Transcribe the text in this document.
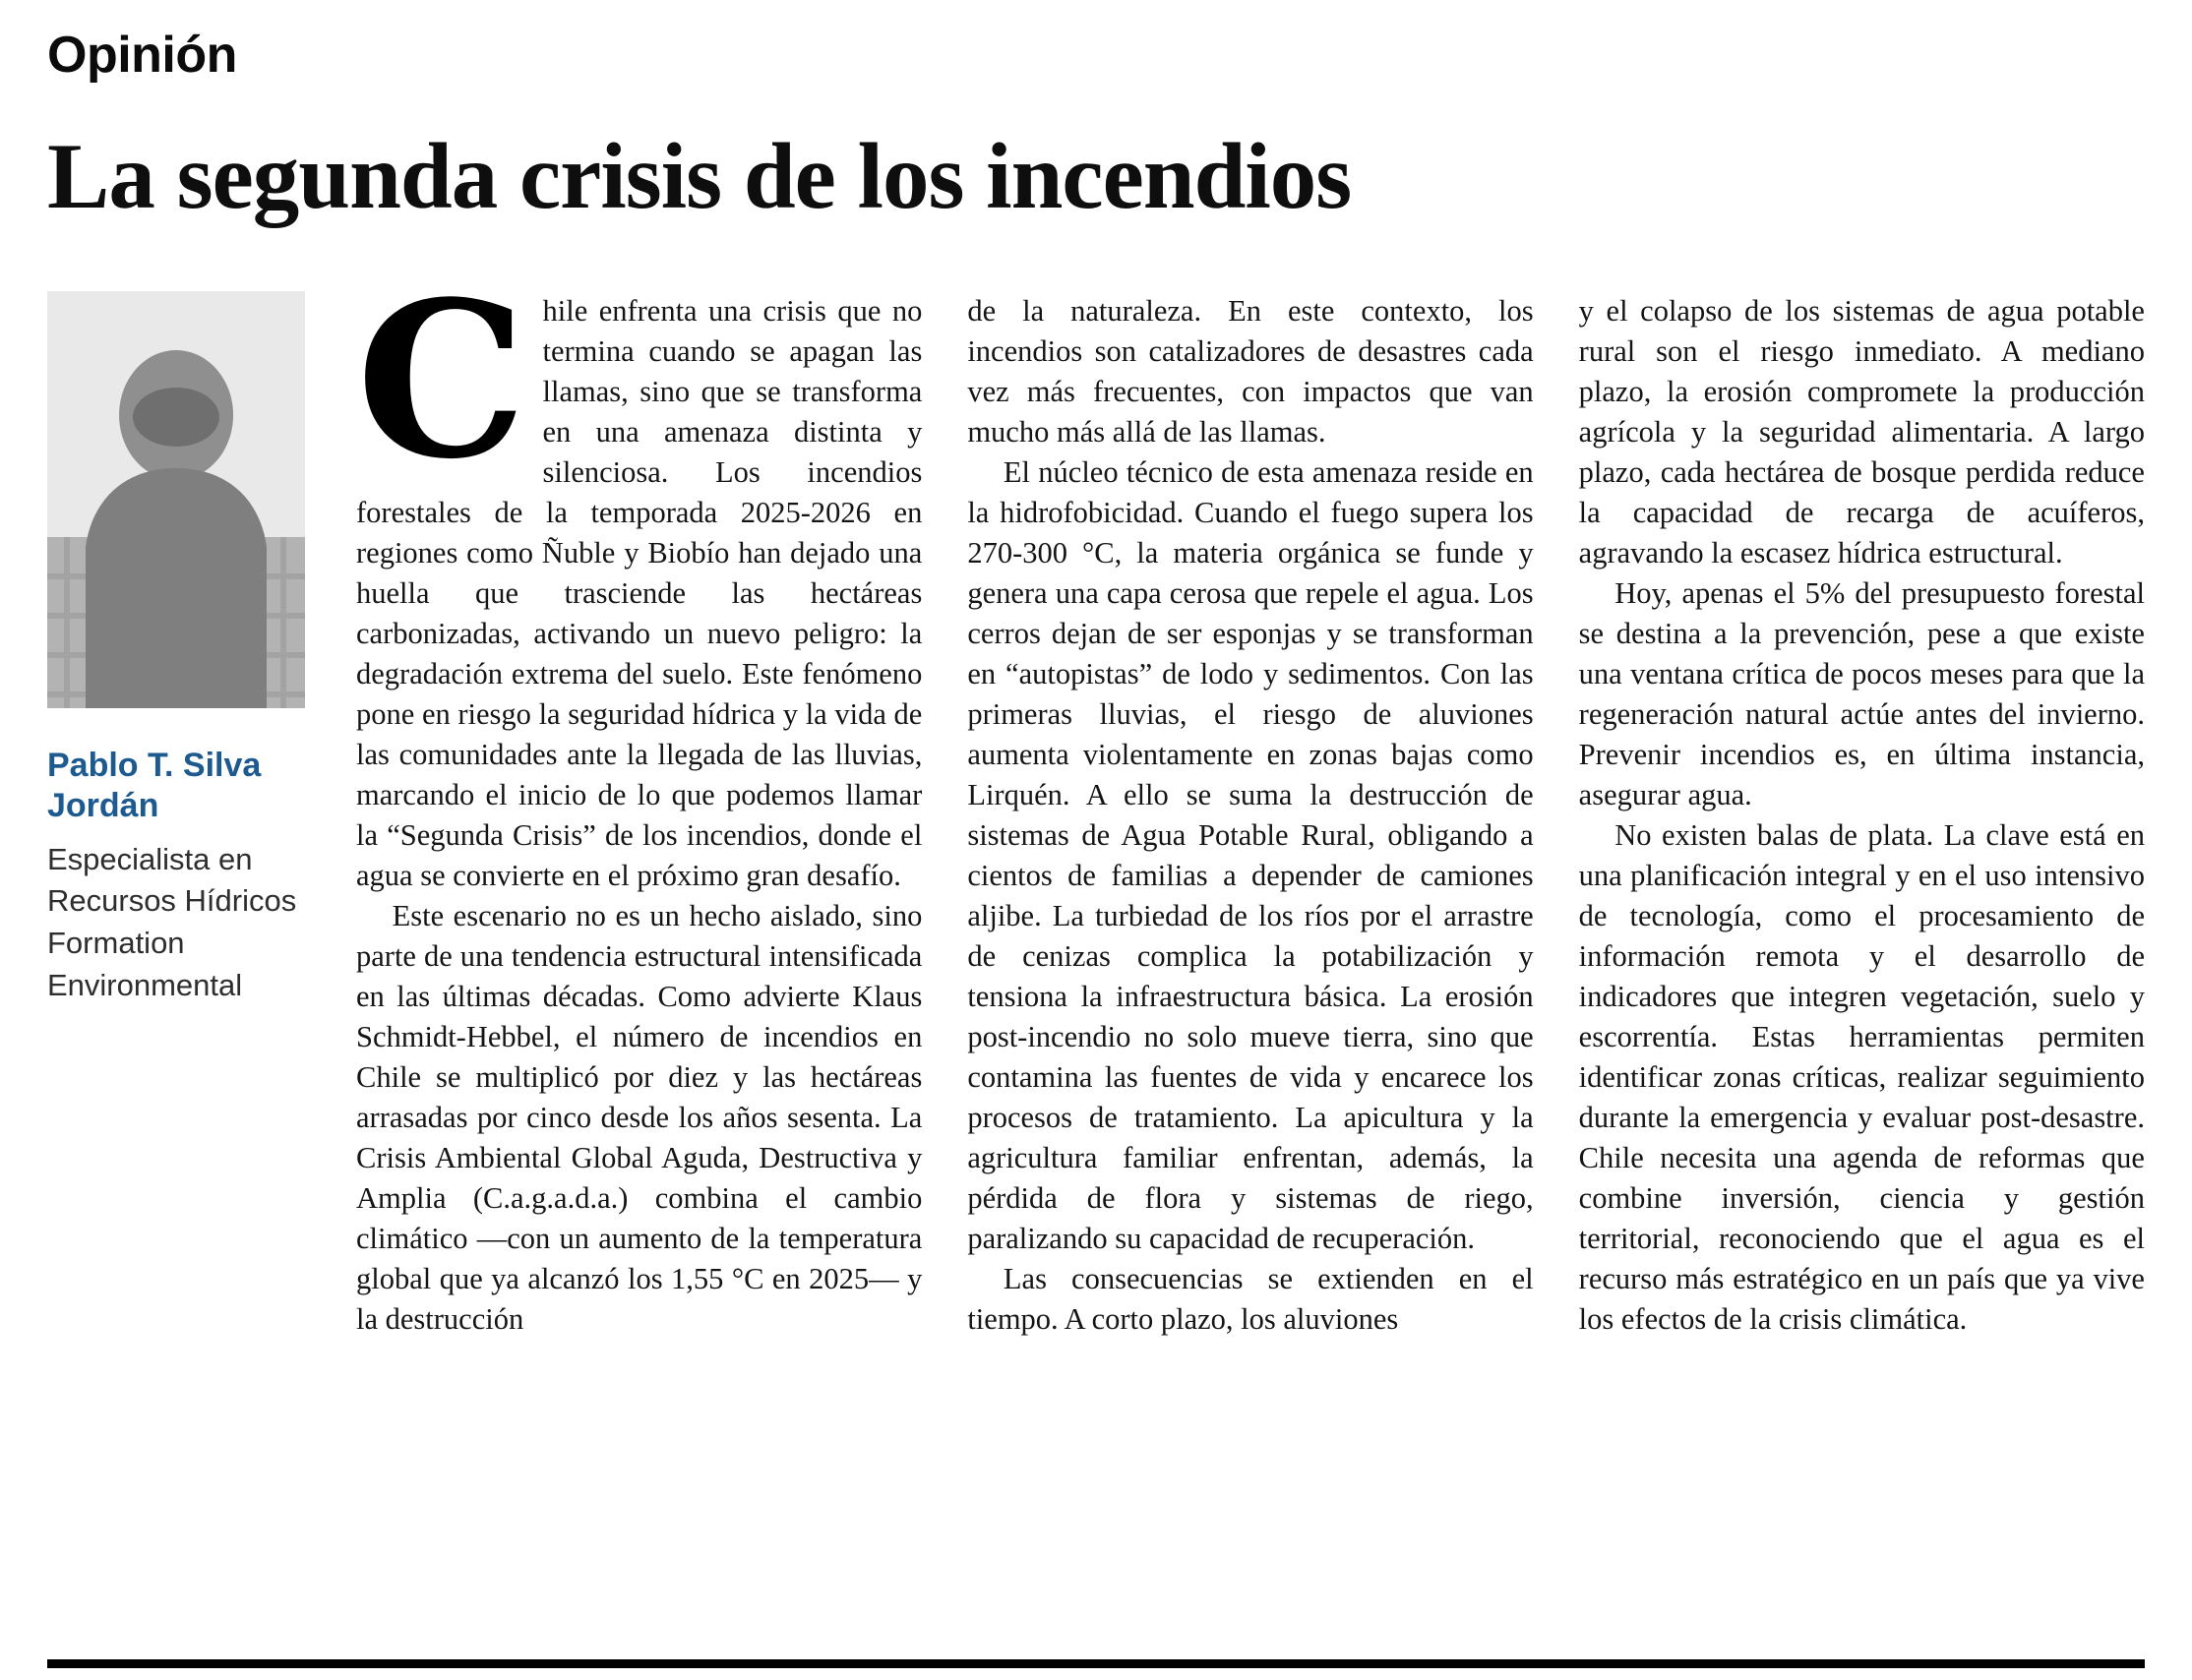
Opinión
La segunda crisis de los incendios
Pablo T. Silva Jordán
Especialista en Recursos Hídricos
Formation Environmental

Chile enfrenta una crisis que no termina cuando se apagan las llamas, sino que se transforma en una amenaza distinta y silenciosa. Los incendios forestales de la temporada 2025-2026 en regiones como Ñuble y Biobío han dejado una huella que trasciende las hectáreas carbonizadas, activando un nuevo peligro: la degradación extrema del suelo. Este fenómeno pone en riesgo la seguridad hídrica y la vida de las comunidades ante la llegada de las lluvias, marcando el inicio de lo que podemos llamar la “Segunda Crisis” de los incendios, donde el agua se convierte en el próximo gran desafío.

Este escenario no es un hecho aislado, sino parte de una tendencia estructural intensificada en las últimas décadas. Como advierte Klaus Schmidt-Hebbel, el número de incendios en Chile se multiplicó por diez y las hectáreas arrasadas por cinco desde los años sesenta. La Crisis Ambiental Global Aguda, Destructiva y Amplia (C.a.g.a.d.a.) combina el cambio climático —con un aumento de la temperatura global que ya alcanzó los 1,55 °C en 2025— y la destrucción

de la naturaleza. En este contexto, los incendios son catalizadores de desastres cada vez más frecuentes, con impactos que van mucho más allá de las llamas.

El núcleo técnico de esta amenaza reside en la hidrofobicidad. Cuando el fuego supera los 270-300 °C, la materia orgánica se funde y genera una capa cerosa que repele el agua. Los cerros dejan de ser esponjas y se transforman en “autopistas” de lodo y sedimentos. Con las primeras lluvias, el riesgo de aluviones aumenta violentamente en zonas bajas como Lirquén. A ello se suma la destrucción de sistemas de Agua Potable Rural, obligando a cientos de familias a depender de camiones aljibe. La turbiedad de los ríos por el arrastre de cenizas complica la potabilización y tensiona la infraestructura básica. La erosión post-incendio no solo mueve tierra, sino que contamina las fuentes de vida y encarece los procesos de tratamiento. La apicultura y la agricultura familiar enfrentan, además, la pérdida de flora y sistemas de riego, paralizando su capacidad de recuperación.

Las consecuencias se extienden en el tiempo. A corto plazo, los aluviones

y el colapso de los sistemas de agua potable rural son el riesgo inmediato. A mediano plazo, la erosión compromete la producción agrícola y la seguridad alimentaria. A largo plazo, cada hectárea de bosque perdida reduce la capacidad de recarga de acuíferos, agravando la escasez hídrica estructural.

Hoy, apenas el 5% del presupuesto forestal se destina a la prevención, pese a que existe una ventana crítica de pocos meses para que la regeneración natural actúe antes del invierno. Prevenir incendios es, en última instancia, asegurar agua.

No existen balas de plata. La clave está en una planificación integral y en el uso intensivo de tecnología, como el procesamiento de información remota y el desarrollo de indicadores que integren vegetación, suelo y escorrentía. Estas herramientas permiten identificar zonas críticas, realizar seguimiento durante la emergencia y evaluar post-desastre. Chile necesita una agenda de reformas que combine inversión, ciencia y gestión territorial, reconociendo que el agua es el recurso más estratégico en un país que ya vive los efectos de la crisis climática.
